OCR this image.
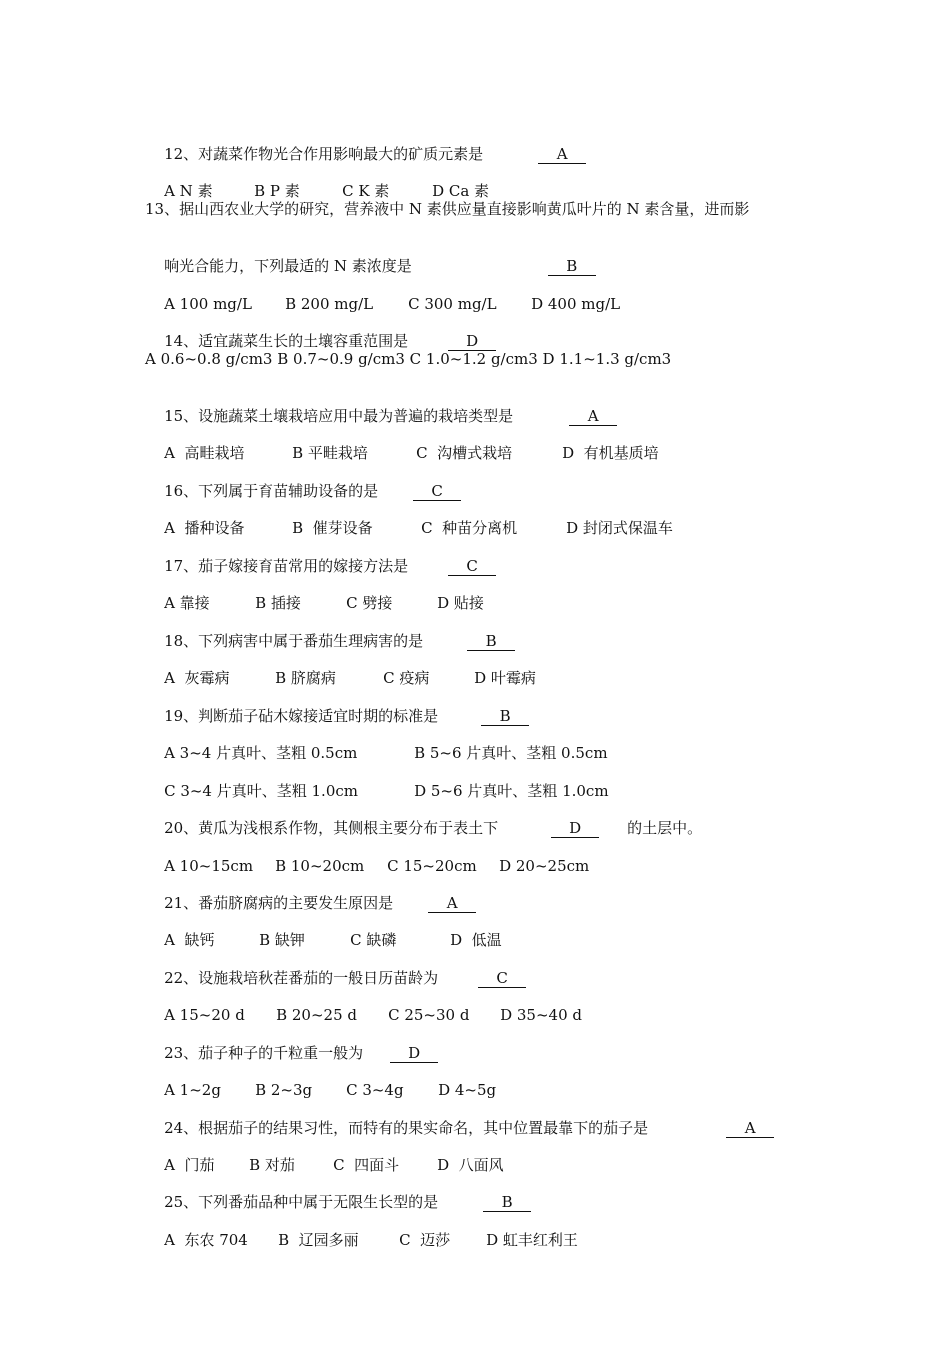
12、对蔬菜作物光合作用影响最大的矿质元素是	A

A N 素	B P 素	C K 素	D Ca 素

13、据山西农业大学的研究，营养液中 N 素供应量直接影响黄瓜叶片的 N 素含量，进而影

响光合能力，下列最适的 N 素浓度是	B

A 100 mg/L B 200 mg/L C 300 mg/L D 400 mg/L

14、适宜蔬菜生长的土壤容重范围是	D

A 0.6~0.8 g/cm3 B 0.7~0.9 g/cm3 C 1.0~1.2 g/cm3 D 1.1~1.3 g/cm3

15、设施蔬菜土壤栽培应用中最为普遍的栽培类型是	A

A  高畦栽培	B 平畦栽培	C  沟槽式栽培	D  有机基质培

16、下列属于育苗辅助设备的是	C

A  播种设备	B  催芽设备	C  种苗分离机	D 封闭式保温车

17、茄子嫁接育苗常用的嫁接方法是	C

A 靠接	B 插接	C 劈接	D 贴接

18、下列病害中属于番茄生理病害的是	B

A  灰霉病	B 脐腐病	C 疫病	D 叶霉病

19、判断茄子砧木嫁接适宜时期的标准是	B

A 3~4 片真叶、茎粗 0.5cm	B 5~6 片真叶、茎粗 0.5cm

C 3~4 片真叶、茎粗 1.0cm	D 5~6 片真叶、茎粗 1.0cm

20、黄瓜为浅根系作物，其侧根主要分布于表土下	D	的土层中。

A 10~15cm B 10~20cm C 15~20cm D 20~25cm

21、番茄脐腐病的主要发生原因是	A

A  缺钙	B 缺钾	C 缺磷	D  低温

22、设施栽培秋茬番茄的一般日历苗龄为	C

A 15~20 d B 20~25 d C 25~30 d D 35~40 d

23、茄子种子的千粒重一般为	D

A 1~2g B 2~3g C 3~4g D 4~5g

24、根据茄子的结果习性，而特有的果实命名，其中位置最靠下的茄子是	A

A  门茄 B 对茄	C  四面斗	D  八面风

25、下列番茄品种中属于无限生长型的是	B

A  东农 704 B  辽园多丽	C  迈莎 D 虹丰红利王
